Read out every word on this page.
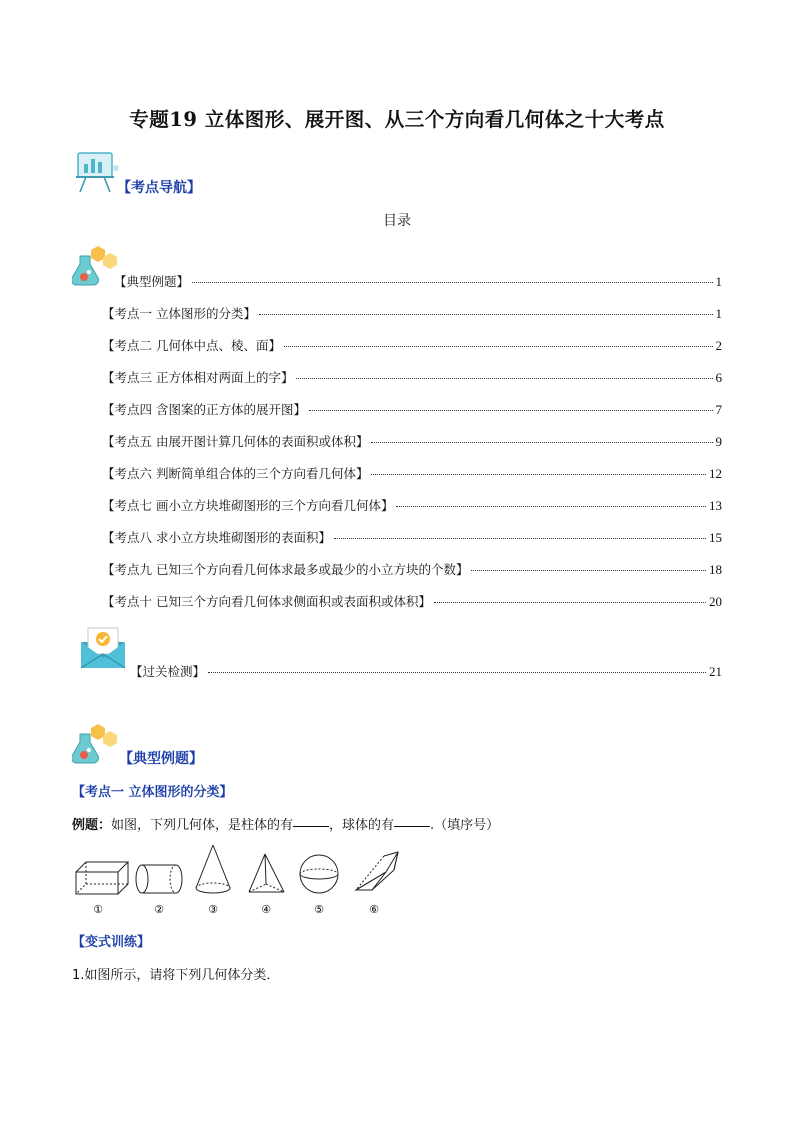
专题19 立体图形、展开图、从三个方向看几何体之十大考点
【考点导航】
目录
【典型例题】	1
【考点一 立体图形的分类】	1
【考点二 几何体中点、棱、面】	2
【考点三 正方体相对两面上的字】	6
【考点四 含图案的正方体的展开图】	7
【考点五 由展开图计算几何体的表面积或体积】	9
【考点六 判断简单组合体的三个方向看几何体】	12
【考点七 画小立方块堆砌图形的三个方向看几何体】	13
【考点八 求小立方块堆砌图形的表面积】	15
【考点九 已知三个方向看几何体求最多或最少的小立方块的个数】	18
【考点十 已知三个方向看几何体求侧面积或表面积或体积】	20
【过关检测】	21
【典型例题】
【考点一 立体图形的分类】
例题：如图，下列几何体，是柱体的有	，球体的有	.（填序号）
①	②	③	④	⑤	⑥
【变式训练】
1.如图所示，请将下列几何体分类．
